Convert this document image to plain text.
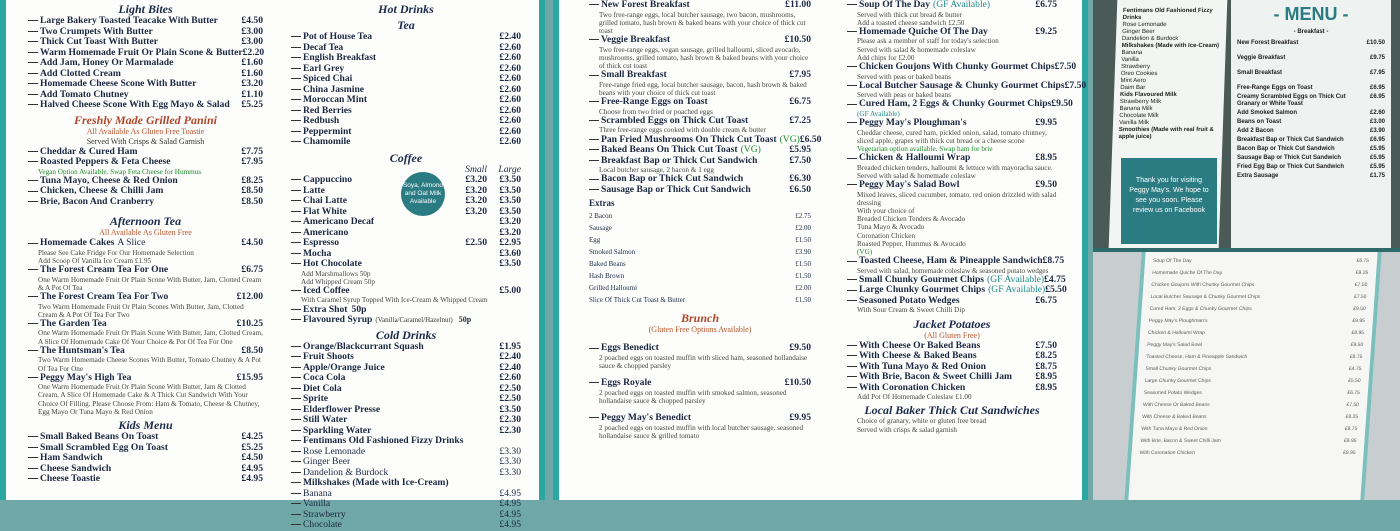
Light Bites
Large Bakery Toasted Teacake With Butter	£4.50
Two Crumpets With Butter	£3.00
Thick Cut Toast With Butter	£3.00
Warm Homemade Fruit Or Plain Scone & Butter £2.20
Add Jam, Honey Or Marmalade	£1.60
Add Clotted Cream	£1.60
Homemade Cheese Scone With Butter	£3.20
Add Tomato Chutney	£1.10
Halved Cheese Scone With Egg Mayo & Salad	£5.25
Freshly Made Grilled Panini
All Available As Gluten Free Toastie
Served With Crisps & Salad Garnish
Cheddar & Cured Ham	£7.75
Roasted Peppers & Feta Cheese	£7.95
Vegan Option Available. Swap Feta Cheese for Hummus
Tuna Mayo, Cheese & Red Onion	£8.25
Chicken, Cheese & Chilli Jam	£8.50
Brie, Bacon And Cranberry	£8.50
Afternoon Tea
All Available As Gluten Free
Homemade Cakes A Slice	£4.50
Please See Cake Fridge For Our Homemade Selection
Add Scoop Of Vanilla Ice Cream £1.95
The Forest Cream Tea For One	£6.75
One Warm Homemade Fruit Or Plain Scone With Butter, Jam, Clotted Cream & A Pot Of Tea
The Forest Cream Tea For Two	£12.00
Two Warm Homemade Fruit Or Plain Scones With Butter, Jam, Clotted Cream & A Pot Of Tea For Two
The Garden Tea	£10.25
One Warm Homemade Fruit Or Plain Scone With Butter, Jam, Clotted Cream, A Slice Of Homemade Cake Of Your Choice & Pot Of Tea For One
The Huntsman's Tea	£8.50
Two Warm Homemade Cheese Scones With Butter, Tomato Chutney & A Pot Of Tea For One
Peggy May's High Tea	£15.95
One Warm Homemade Fruit Or Plain Scone With Butter, Jam & Clotted Cream, A Slice Of Homemade Cake & A Thick Cut Sandwich With Your Choice Of Filling. Please Choose From: Ham & Tomato, Cheese & Chutney, Egg Mayo Or Tuna Mayo & Red Onion
Kids Menu
Small Baked Beans On Toast	£4.25
Small Scrambled Egg On Toast	£5.25
Ham Sandwich	£4.50
Cheese Sandwich	£4.95
Cheese Toastie	£4.95
Hot Drinks
Tea
Pot of House Tea	£2.40
Decaf Tea	£2.60
English Breakfast	£2.60
Earl Grey	£2.60
Spiced Chai	£2.60
China Jasmine	£2.60
Moroccan Mint	£2.60
Red Berries	£2.60
Redbush	£2.60
Peppermint	£2.60
Chamomile	£2.60
Coffee
Small	Large
Cappuccino	£3.20	£3.50
Latte	£3.20	£3.50
Chai Latte	£3.20	£3.50
Flat White	£3.20	£3.50
Americano Decaf	£3.20
Americano	£3.20
Espresso	£2.50	£2.95
Mocha	£3.60
Hot Chocolate	£3.50
Add Marshmallows 50p
Add Whipped Cream 50p
Iced Coffee	£5.00
With Caramel Syrup Topped With Ice-Cream & Whipped Cream
Extra Shot 50p
Flavoured Syrup (Vanilla/Caramel/Hazelnut) 50p
Cold Drinks
Orange/Blackcurrant Squash	£1.95
Fruit Shoots	£2.40
Apple/Orange Juice	£2.40
Coca Cola	£2.60
Diet Cola	£2.50
Sprite	£2.50
Elderflower Presse	£3.50
Still Water	£2.30
Sparkling Water	£2.30
Fentimans Old Fashioned Fizzy Drinks
Rose Lemonade	£3.30
Ginger Beer	£3.30
Dandelion & Burdock	£3.30
Milkshakes (Made with Ice-Cream)
Banana	£4.95
Vanilla	£4.95
Strawberry	£4.95
Chocolate	£4.95
Soya, Almond and Oat Milk Available
New Forest Breakfast	£11.00
Two free-range eggs, local butcher sausage, two bacon, mushrooms, grilled tomato, hash brown & baked beans with your choice of thick cut toast
Veggie Breakfast	£10.50
Two free-range eggs, vegan sausage, grilled halloumi, sliced avocado, mushrooms, grilled tomato, hash brown & baked beans with your choice of thick cut toast
Small Breakfast	£7.95
Free-range fried egg, local butcher sausage, bacon, hash brown & baked beans with your choice of thick cut toast
Free-Range Eggs on Toast	£6.75
Choose from two fried or poached eggs
Scrambled Eggs on Thick Cut Toast	£7.25
Three free-range eggs cooked with double cream & butter
Pan Fried Mushrooms On Thick Cut Toast (VG) £6.50
Baked Beans On Thick Cut Toast (VG)	£5.95
Breakfast Bap or Thick Cut Sandwich	£7.50
Local butcher sausage, 2 bacon & 1 egg
Bacon Bap or Thick Cut Sandwich	£6.30
Sausage Bap or Thick Cut Sandwich	£6.50
Extras
2 Bacon	£2.75
Sausage	£2.00
Egg	£1.50
Smoked Salmon	£3.90
Baked Beans	£1.50
Hash Brown	£1.50
Grilled Halloumi	£2.00
Slice Of Thick Cut Toast & Butter	£1.50
Brunch
(Gluten Free Options Available)
Eggs Benedict	£9.50
2 poached eggs on toasted muffin with sliced ham, seasoned hollandaise sauce & chopped parsley
Eggs Royale	£10.50
2 poached eggs on toasted muffin with smoked salmon, seasoned hollandaise sauce & chopped parsley
Peggy May's Benedict	£9.95
2 poached eggs on toasted muffin with local butcher sausage, seasoned hollandaise sauce & grilled tomato
Soup Of The Day (GF Available)	£6.75
Served with thick cut bread & butter
Add a toasted cheese sandwich £2.50
Homemade Quiche Of The Day	£9.25
Please ask a member of staff for today's selection
Served with salad & homemade coleslaw
Add chips for £2.00
Chicken Goujons With Chunky Gourmet Chips £7.50
Served with peas or baked beans
Local Butcher Sausage & Chunky Gourmet Chips £7.50
Served with peas or baked beans
Cured Ham, 2 Eggs & Chunky Gourmet Chips £9.50
(GF Available)
Peggy May's Ploughman's	£9.95
Cheddar cheese, cured ham, pickled onion, salad, tomato chutney, sliced apple, grapes with thick cut bread or a cheese scone
Vegetarian option available. Swap ham for brie
Chicken & Halloumi Wrap	£8.95
Breaded chicken tenders, halloumi & lettuce with mayoracha sauce.
Served with salad & homemade coleslaw
Peggy May's Salad Bowl	£9.50
Mixed leaves, sliced cucumber, tomato, red onion drizzled with salad dressing
With your choice of
Breaded Chicken Tenders & Avocado
Tuna Mayo & Avocado
Coronation Chicken
Roasted Pepper, Hummus & Avocado
(VG)
Toasted Cheese, Ham & Pineapple Sandwich £8.75
Served with salad, homemade coleslaw & seasoned potato wedges
Small Chunky Gourmet Chips (GF Available) £4.75
Large Chunky Gourmet Chips (GF Available) £5.50
Seasoned Potato Wedges	£6.75
With Sour Cream & Sweet Chilli Dip
Jacket Potatoes
(All Gluten Free)
With Cheese Or Baked Beans	£7.50
With Cheese & Baked Beans	£8.25
With Tuna Mayo & Red Onion	£8.75
With Brie, Bacon & Sweet Chilli Jam	£8.95
With Coronation Chicken	£8.95
Add Pot Of Homemade Coleslaw £1.00
Local Baker Thick Cut Sandwiches
Choice of granary, white or gluten free bread
Served with crisps & salad garnish
Fentimans Old Fashioned Fizzy Drinks
Rose Lemonade
Ginger Beer
Dandelion & Burdock
Milkshakes (Made with Ice-Cream)
Banana
Vanilla
Strawberry
Oreo Cookies
Mint Aero
Daim Bar
Kids Flavoured Milk
Strawberry Milk
Banana Milk
Chocolate Milk
Vanilla Milk
Smoothies (Made with real fruit & apple juice)
- MENU -
- Breakfast -
New Forest Breakfast	£10.50
Veggie Breakfast	£9.75
Small Breakfast	£7.95
Free-Range Eggs on Toast	£6.95
Creamy Scrambled Eggs on Thick Cut Granary or White Toast
£6.95
Add Smoked Salmon	£2.60
Beans on Toast	£3.00
Add 2 Bacon	£3.90
Breakfast Bap or Thick Cut Sandwich	£6.95
Bacon Bap or Thick Cut Sandwich	£5.95
Sausage Bap or Thick Cut Sandwich	£5.95
Fried Egg Bap or Thick Cut Sandwich	£5.95
Extra Sausage	£1.75
Thank you for visiting Peggy May's. We hope to see you soon. Please review us on Facebook
Soup Of The Day	£6.75
Homemade Quiche Of The Day	£9.25
Chicken Goujons With Chunky Gourmet Chips	£7.50
Local Butcher Sausage & Chunky Gourmet Chips	£7.50
Cured Ham, 2 Eggs & Chunky Gourmet Chips	£9.50
Peggy May's Ploughman's	£9.95
Chicken & Halloumi Wrap	£8.95
Peggy May's Salad Bowl	£9.50
Toasted Cheese, Ham & Pineapple Sandwich	£8.75
Small Chunky Gourmet Chips	£4.75
Large Chunky Gourmet Chips	£5.50
Seasoned Potato Wedges	£6.75
With Cheese Or Baked Beans	£7.50
With Cheese & Baked Beans	£8.25
With Tuna Mayo & Red Onion	£8.75
With Brie, Bacon & Sweet Chilli Jam	£8.95
With Coronation Chicken	£8.95
